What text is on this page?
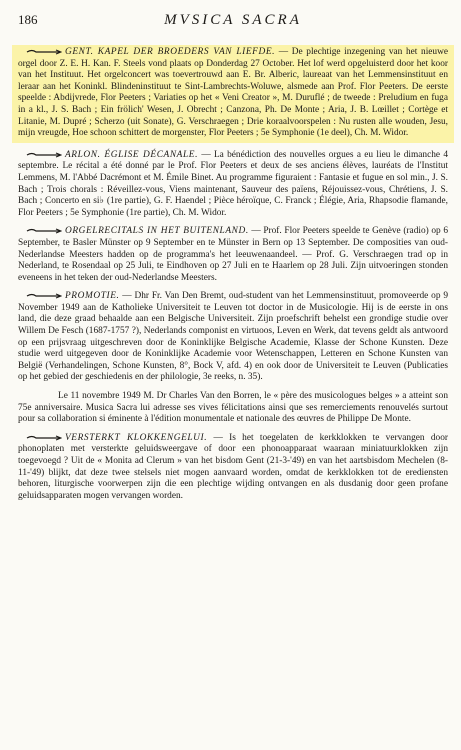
186	MVSICA SACRA

GENT. KAPEL DER BROEDERS VAN LIEFDE. — De plechtige inzegening van het nieuwe orgel door Z. E. H. Kan. F. Steels vond plaats op Donderdag 27 October. Het lof werd opgeluisterd door het koor van het Instituut. Het orgelconcert was toevertrouwd aan E. Br. Alberic, laureaat van het Lemmensinstituut en leraar aan het Koninkl. Blindeninstituut te Sint-Lambrechts-Woluwe, alsmede aan Prof. Flor Peeters. De eerste speelde : Abdijvrede, Flor Peeters ; Variaties op het « Veni Creator », M. Duruflé ; de tweede : Preludium en fuga in a kl., J. S. Bach ; Ein frölich' Wesen, J. Obrecht ; Canzona, Ph. De Monte ; Aria, J. B. Lœillet ; Cortège et Litanie, M. Dupré ; Scherzo (uit Sonate), G. Verschraegen ; Drie koraalvoorspelen : Nu rusten alle wouden, Jesu, mijn vreugde, Hoe schoon schittert de morgenster, Flor Peeters ; 5e Symphonie (1e deel), Ch. M. Widor.

ARLON. ÉGLISE DÉCANALE. — La bénédiction des nouvelles orgues a eu lieu le dimanche 4 septembre. Le récital a été donné par le Prof. Flor Peeters et deux de ses anciens élèves, lauréats de l'Institut Lemmens, M. l'Abbé Dacrémont et M. Émile Binet. Au programme figuraient : Fantasie et fugue en sol min., J. S. Bach ; Trois chorals : Réveillez-vous, Viens maintenant, Sauveur des païens, Réjouissez-vous, Chrétiens, J. S. Bach ; Concerto en si♭ (1re partie), G. F. Haendel ; Pièce héroïque, C. Franck ; Élégie, Aria, Rhapsodie flamande, Flor Peeters ; 5e Symphonie (1re partie), Ch. M. Widor.

ORGELRECITALS IN HET BUITENLAND. — Prof. Flor Peeters speelde te Genève (radio) op 6 September, te Basler Münster op 9 September en te Münster in Bern op 13 September. De composities van oud-Nederlandse Meesters hadden op de programma's het leeuwenaandeel. — Prof. G. Verschraegen trad op in Nederland, te Rosendaal op 25 Juli, te Eindhoven op 27 Juli en te Haarlem op 28 Juli. Zijn uitvoeringen stonden eveneens in het teken der oud-Nederlandse Meesters.

PROMOTIE. — Dhr Fr. Van Den Bremt, oud-student van het Lemmensinstituut, promoveerde op 9 November 1949 aan de Katholieke Universiteit te Leuven tot doctor in de Musicologie. Hij is de eerste in ons land, die deze graad behaalde aan een Belgische Universiteit. Zijn proefschrift behelst een grondige studie over Willem De Fesch (1687-1757 ?), Nederlands componist en virtuoos, Leven en Werk, dat tevens geldt als antwoord op een prijsvraag uitgeschreven door de Koninklijke Belgische Academie, Klasse der Schone Kunsten. Deze studie werd uitgegeven door de Koninklijke Academie voor Wetenschappen, Letteren en Schone Kunsten van België (Verhandelingen, Schone Kunsten, 8°, Bock V, afd. 4) en ook door de Universiteit te Leuven (Publicaties op het gebied der geschiedenis en der philologie, 3e reeks, n. 35).

Le 11 novembre 1949 M. Dr Charles Van den Borren, le « père des musicologues belges » a atteint son 75e anniversaire. Musica Sacra lui adresse ses vives félicitations ainsi que ses remerciements renouvelés surtout pour sa collaboration si éminente à l'édition monumentale et nationale des œuvres de Philippe De Monte.

VERSTERKT KLOKKENGELUI. — Is het toegelaten de kerkklokken te vervangen door phonoplaten met versterkte geluidsweergave of door een phonoapparaat waaraan miniatuurklokken zijn toegevoegd ? Uit de « Monita ad Clerum » van het bisdom Gent (21-3-'49) en van het aartsbisdom Mechelen (8-11-'49) blijkt, dat deze twee stelsels niet mogen aanvaard worden, omdat de kerkklokken tot de erediensten behoren, liturgische voorwerpen zijn die een plechtige wijding ontvangen en als dusdanig door geen profane geluidsapparaten mogen vervangen worden.
